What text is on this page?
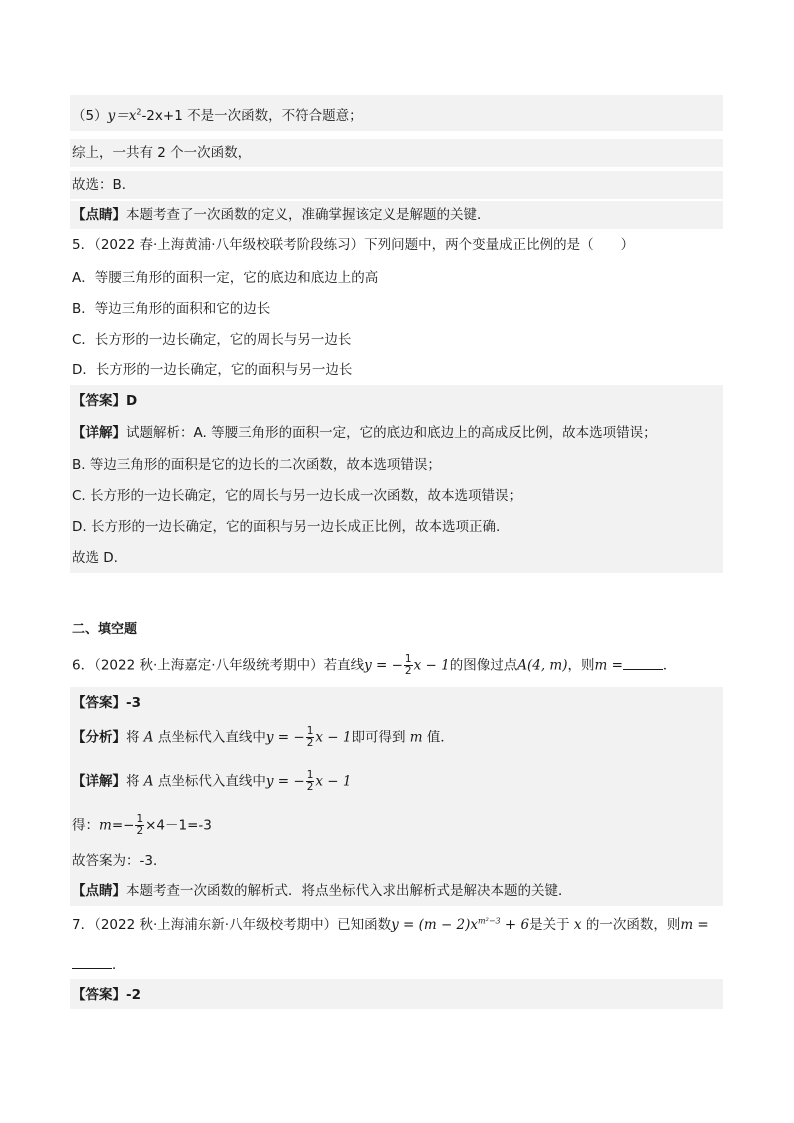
$(5)y=x^2-2x+1$ 不是一次函数，不符合题意；
综上，一共有 2 个一次函数，
故选：B．
【点睛】本题考查了一次函数的定义，准确掌握该定义是解题的关键．
5．（2022 春·上海黄浦·八年级校联考阶段练习）下列问题中，两个变量成正比例的是（　　）
A．等腰三角形的面积一定，它的底边和底边上的高
B．等边三角形的面积和它的边长
C．长方形的一边长确定，它的周长与另一边长
D．长方形的一边长确定，它的面积与另一边长
【答案】D
【详解】试题解析：A. 等腰三角形的面积一定，它的底边和底边上的高成反比例，故本选项错误；
B. 等边三角形的面积是它的边长的二次函数，故本选项错误；
C. 长方形的一边长确定，它的周长与另一边长成一次函数，故本选项错误；
D. 长方形的一边长确定，它的面积与另一边长成正比例，故本选项正确.
故选 D.
二、填空题
6．（2022 秋·上海嘉定·八年级统考期中）若直线y = − $\frac{1}{2}$ x − 1的图像过点A(4, m)，则m =	．
【答案】-3
【分析】将 A 点坐标代入直线中y = − $\frac{1}{2}$ x − 1即可得到 m 值．
【详解】将 A 点坐标代入直线中y = − $\frac{1}{2}$ x − 1
得：$m=- \frac{1}{2} \times 4-1=-3$
故答案为：-3．
【点睛】本题考查一次函数的解析式．将点坐标代入求出解析式是解决本题的关键．
7．（2022 秋·上海浦东新·八年级校考期中）已知函数$y = (m - 2)x^{m^2-3} + 6$是关于 x 的一次函数，则m =
．
【答案】-2
